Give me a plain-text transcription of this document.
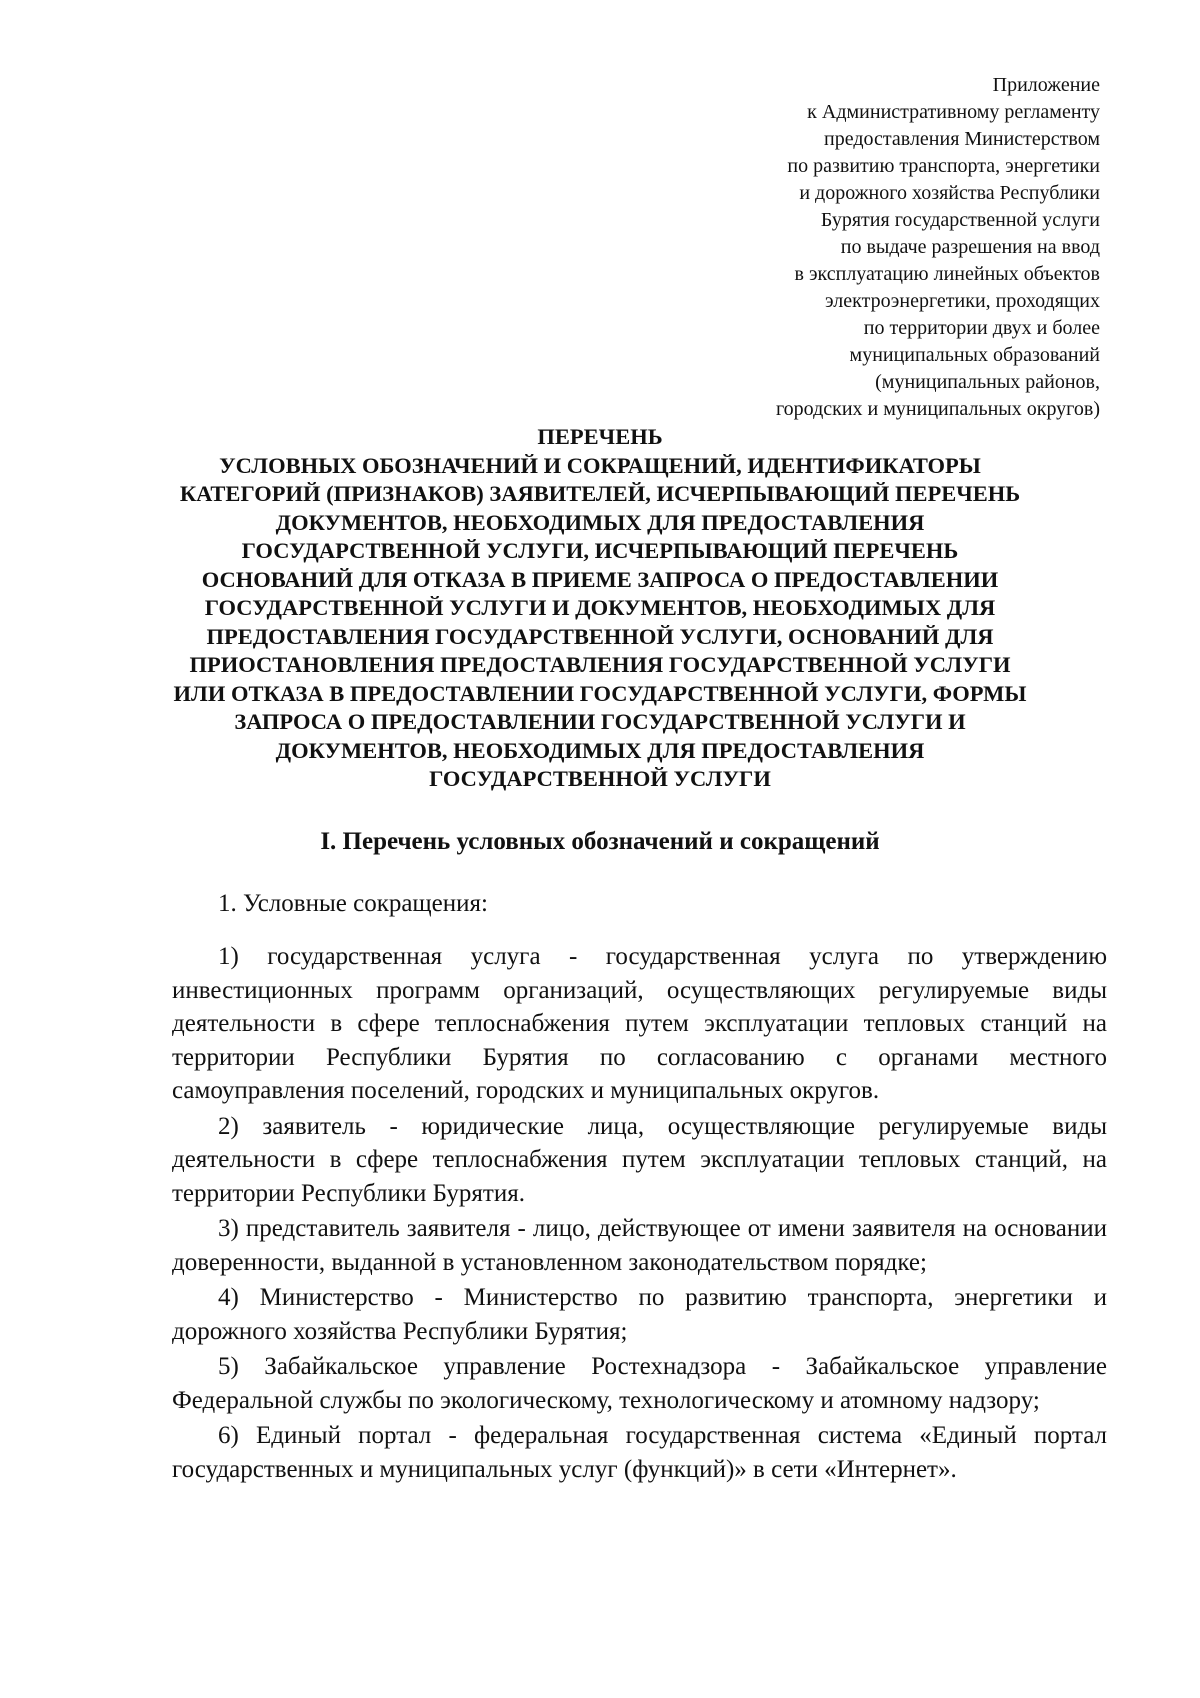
Приложение
к Административному регламенту
предоставления Министерством
по развитию транспорта, энергетики
и дорожного хозяйства Республики
Бурятия государственной услуги
по выдаче разрешения на ввод
в эксплуатацию линейных объектов
электроэнергетики, проходящих
по территории двух и более
муниципальных образований
(муниципальных районов,
городских и муниципальных округов)
ПЕРЕЧЕНЬ
УСЛОВНЫХ ОБОЗНАЧЕНИЙ И СОКРАЩЕНИЙ, ИДЕНТИФИКАТОРЫ
КАТЕГОРИЙ (ПРИЗНАКОВ) ЗАЯВИТЕЛЕЙ, ИСЧЕРПЫВАЮЩИЙ ПЕРЕЧЕНЬ
ДОКУМЕНТОВ, НЕОБХОДИМЫХ ДЛЯ ПРЕДОСТАВЛЕНИЯ
ГОСУДАРСТВЕННОЙ УСЛУГИ, ИСЧЕРПЫВАЮЩИЙ ПЕРЕЧЕНЬ
ОСНОВАНИЙ ДЛЯ ОТКАЗА В ПРИЕМЕ ЗАПРОСА О ПРЕДОСТАВЛЕНИИ
ГОСУДАРСТВЕННОЙ УСЛУГИ И ДОКУМЕНТОВ, НЕОБХОДИМЫХ ДЛЯ
ПРЕДОСТАВЛЕНИЯ ГОСУДАРСТВЕННОЙ УСЛУГИ, ОСНОВАНИЙ ДЛЯ
ПРИОСТАНОВЛЕНИЯ ПРЕДОСТАВЛЕНИЯ ГОСУДАРСТВЕННОЙ УСЛУГИ
ИЛИ ОТКАЗА В ПРЕДОСТАВЛЕНИИ ГОСУДАРСТВЕННОЙ УСЛУГИ, ФОРМЫ
ЗАПРОСА О ПРЕДОСТАВЛЕНИИ ГОСУДАРСТВЕННОЙ УСЛУГИ И
ДОКУМЕНТОВ, НЕОБХОДИМЫХ ДЛЯ ПРЕДОСТАВЛЕНИЯ
ГОСУДАРСТВЕННОЙ УСЛУГИ
I. Перечень условных обозначений и сокращений
1. Условные сокращения:

1) государственная услуга - государственная услуга по утверждению инвестиционных программ организаций, осуществляющих регулируемые виды деятельности в сфере теплоснабжения путем эксплуатации тепловых станций на территории Республики Бурятия по согласованию с органами местного самоуправления поселений, городских и муниципальных округов.

2) заявитель - юридические лица, осуществляющие регулируемые виды деятельности в сфере теплоснабжения путем эксплуатации тепловых станций, на территории Республики Бурятия.

3) представитель заявителя - лицо, действующее от имени заявителя на основании доверенности, выданной в установленном законодательством порядке;

4) Министерство - Министерство по развитию транспорта, энергетики и дорожного хозяйства Республики Бурятия;

5) Забайкальское управление Ростехнадзора - Забайкальское управление Федеральной службы по экологическому, технологическому и атомному надзору;

6) Единый портал - федеральная государственная система «Единый портал государственных и муниципальных услуг (функций)» в сети «Интернет».
